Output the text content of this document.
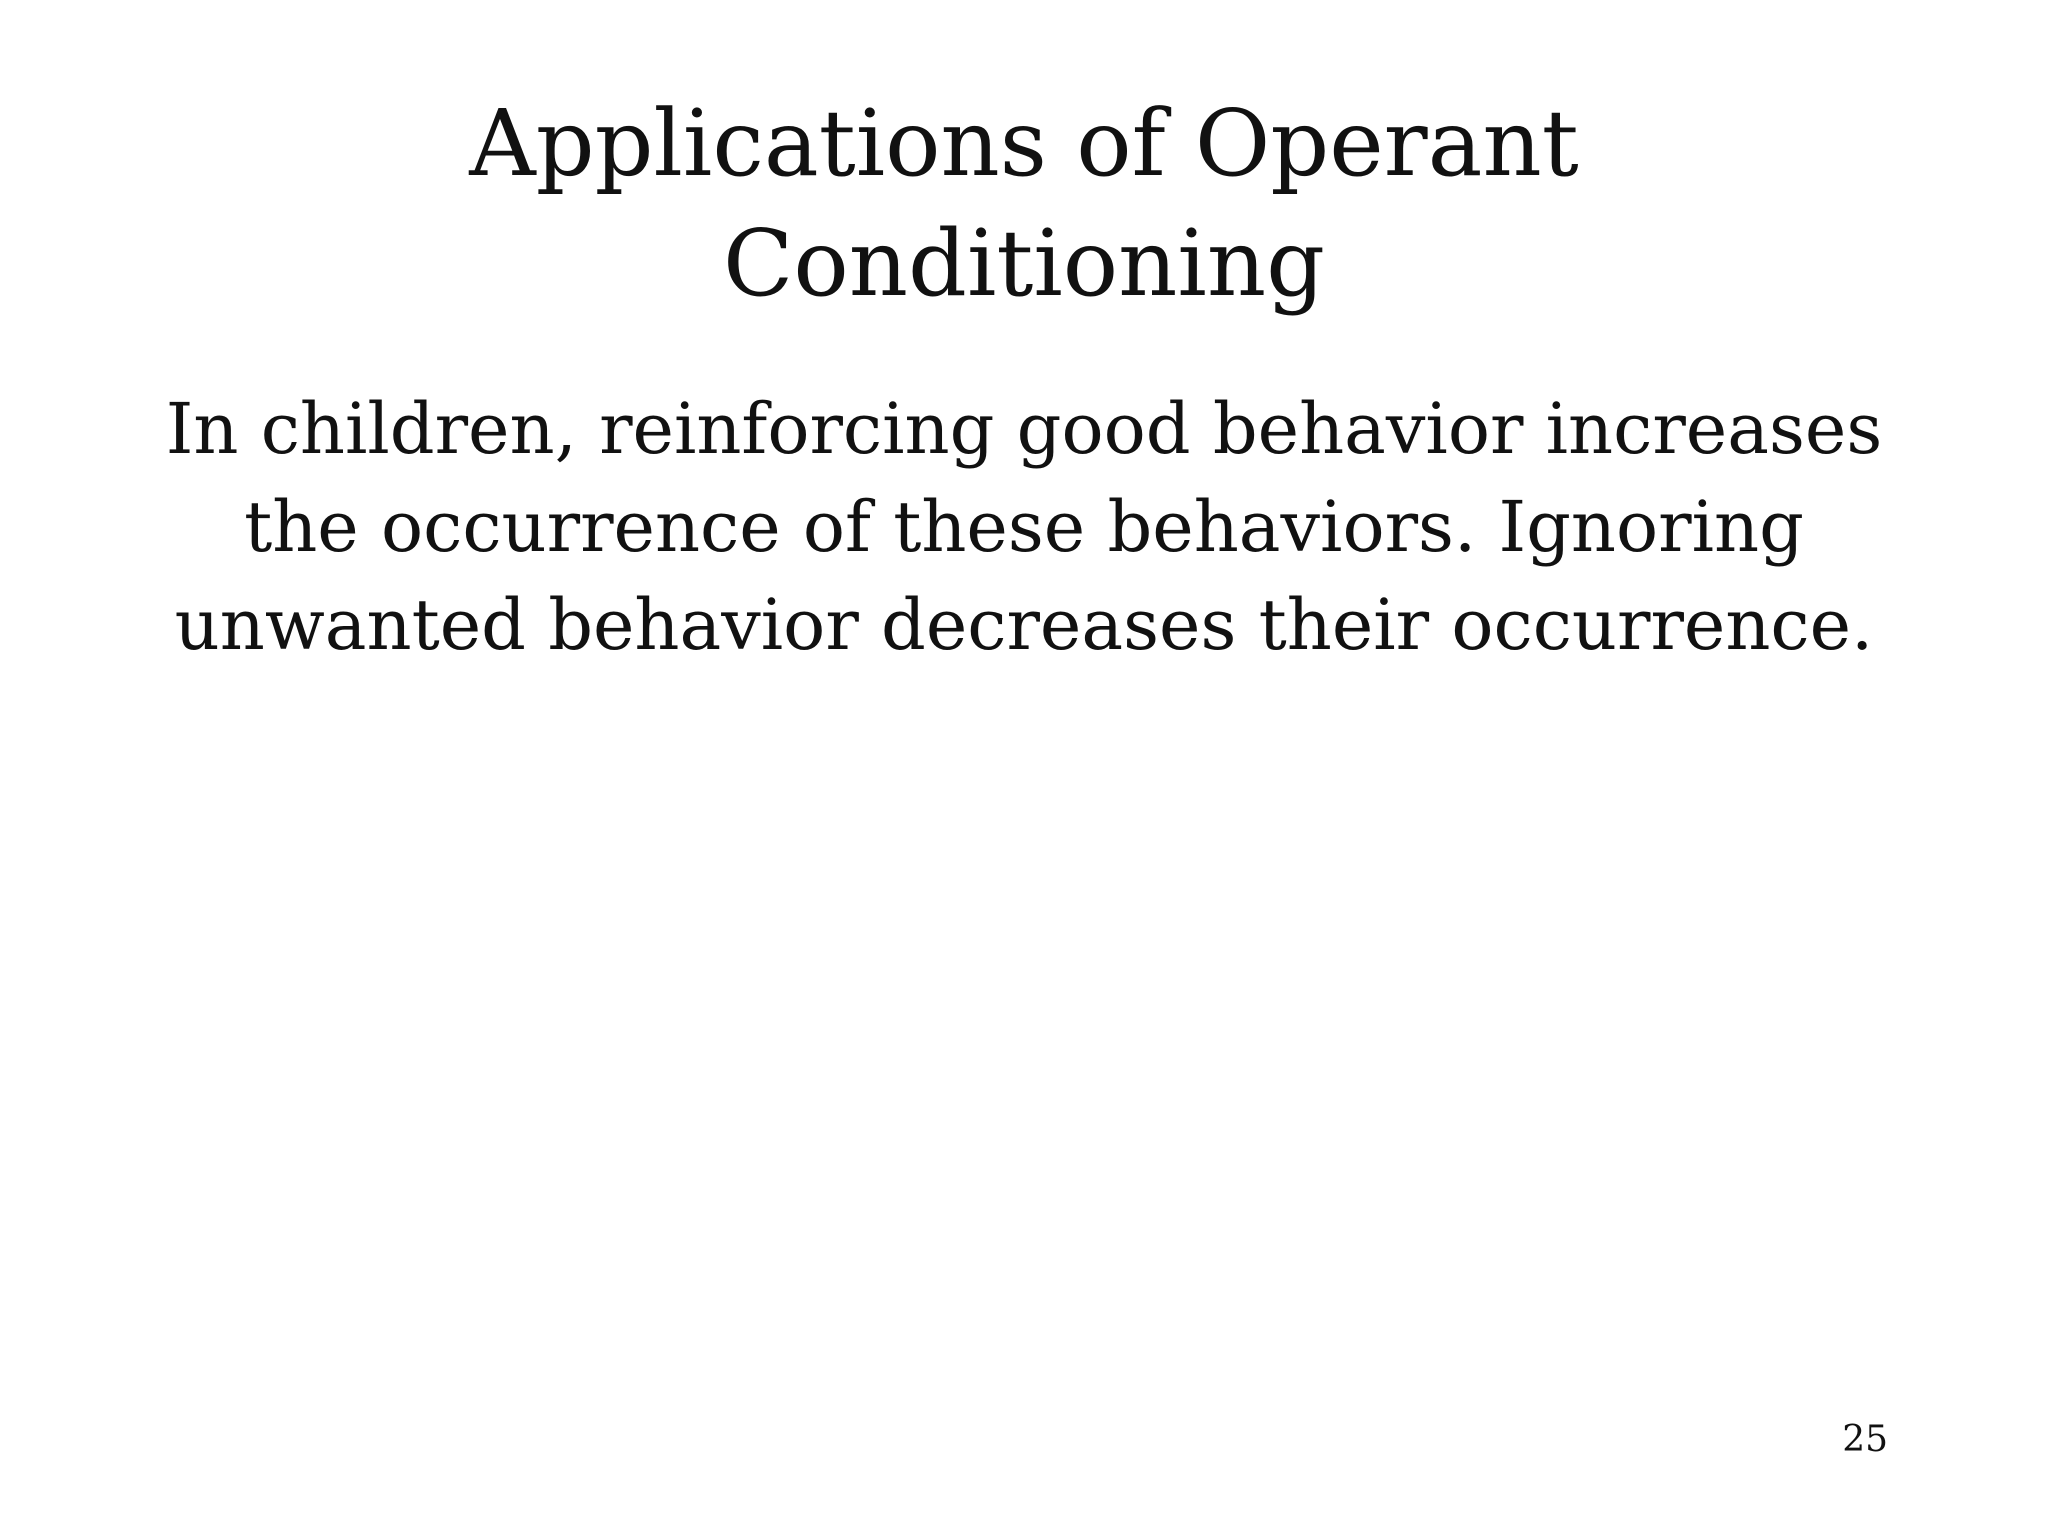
Applications of Operant
Conditioning

In children, reinforcing good behavior increases
the occurrence of these behaviors. Ignoring
unwanted behavior decreases their occurrence.

25
